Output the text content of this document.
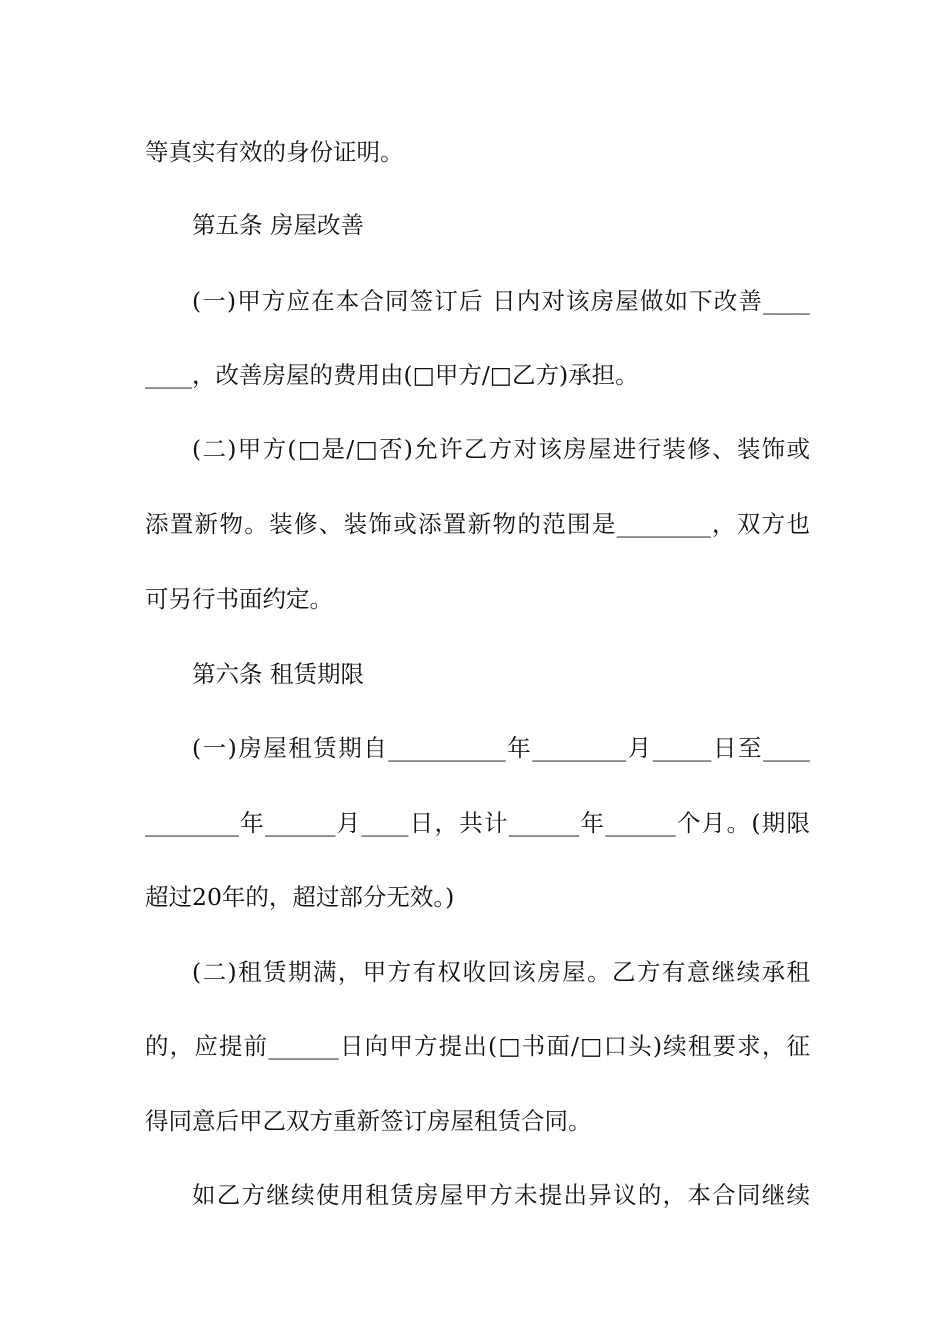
等真实有效的身份证明。
第五条 房屋改善
(一)甲方应在本合同签订后 日内对该房屋做如下改善____
____，改善房屋的费用由(□甲方/□乙方)承担。
(二)甲方(□是/□否)允许乙方对该房屋进行装修、装饰或
添置新物。装修、装饰或添置新物的范围是________，双方也
可另行书面约定。
第六条 租赁期限
(一)房屋租赁期自__________年________月_____日至____
________年______月____日，共计______年______个月。(期限
超过20年的，超过部分无效。)
(二)租赁期满，甲方有权收回该房屋。乙方有意继续承租
的，应提前______日向甲方提出(□书面/□口头)续租要求，征
得同意后甲乙双方重新签订房屋租赁合同。
如乙方继续使用租赁房屋甲方未提出异议的，本合同继续
